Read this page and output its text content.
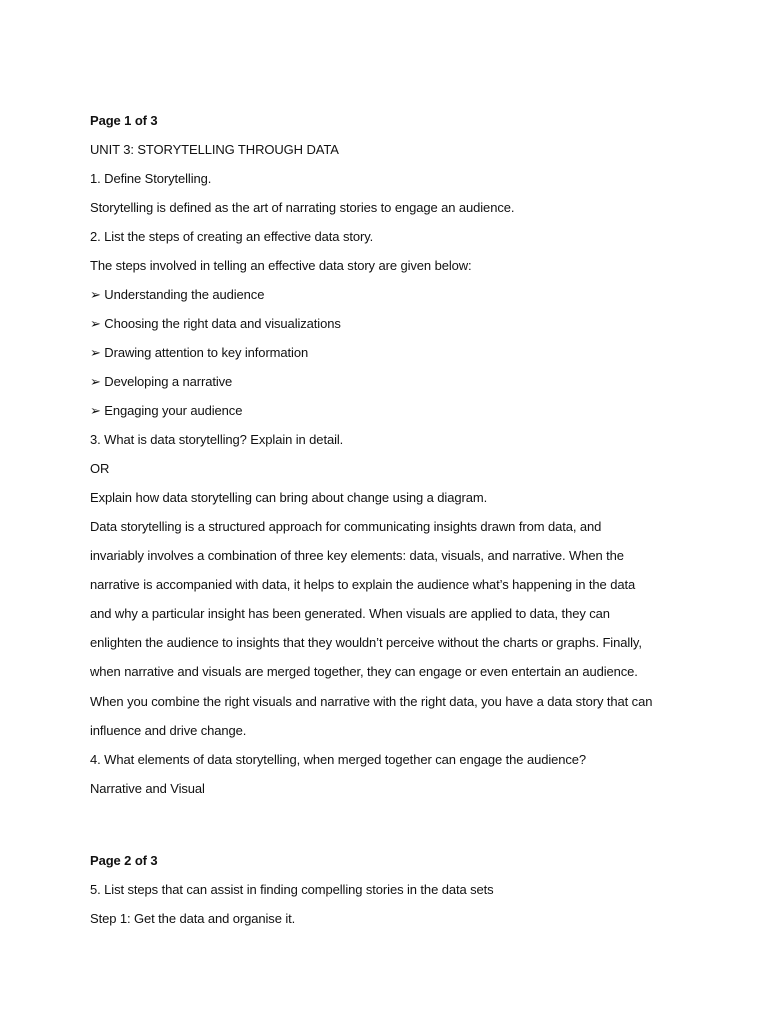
Page 1 of 3

UNIT 3: STORYTELLING THROUGH DATA

1. Define Storytelling.

Storytelling is defined as the art of narrating stories to engage an audience.

2. List the steps of creating an effective data story.

The steps involved in telling an effective data story are given below:

➢ Understanding the audience

➢ Choosing the right data and visualizations

➢ Drawing attention to key information

➢ Developing a narrative

➢ Engaging your audience

3. What is data storytelling? Explain in detail.

OR

Explain how data storytelling can bring about change using a diagram.

Data storytelling is a structured approach for communicating insights drawn from data, and

invariably involves a combination of three key elements: data, visuals, and narrative. When the

narrative is accompanied with data, it helps to explain the audience what’s happening in the data

and why a particular insight has been generated. When visuals are applied to data, they can

enlighten the audience to insights that they wouldn’t perceive without the charts or graphs. Finally,

when narrative and visuals are merged together, they can engage or even entertain an audience.

When you combine the right visuals and narrative with the right data, you have a data story that can

influence and drive change.

4. What elements of data storytelling, when merged together can engage the audience?

Narrative and Visual

Page 2 of 3

5. List steps that can assist in finding compelling stories in the data sets

Step 1: Get the data and organise it.
